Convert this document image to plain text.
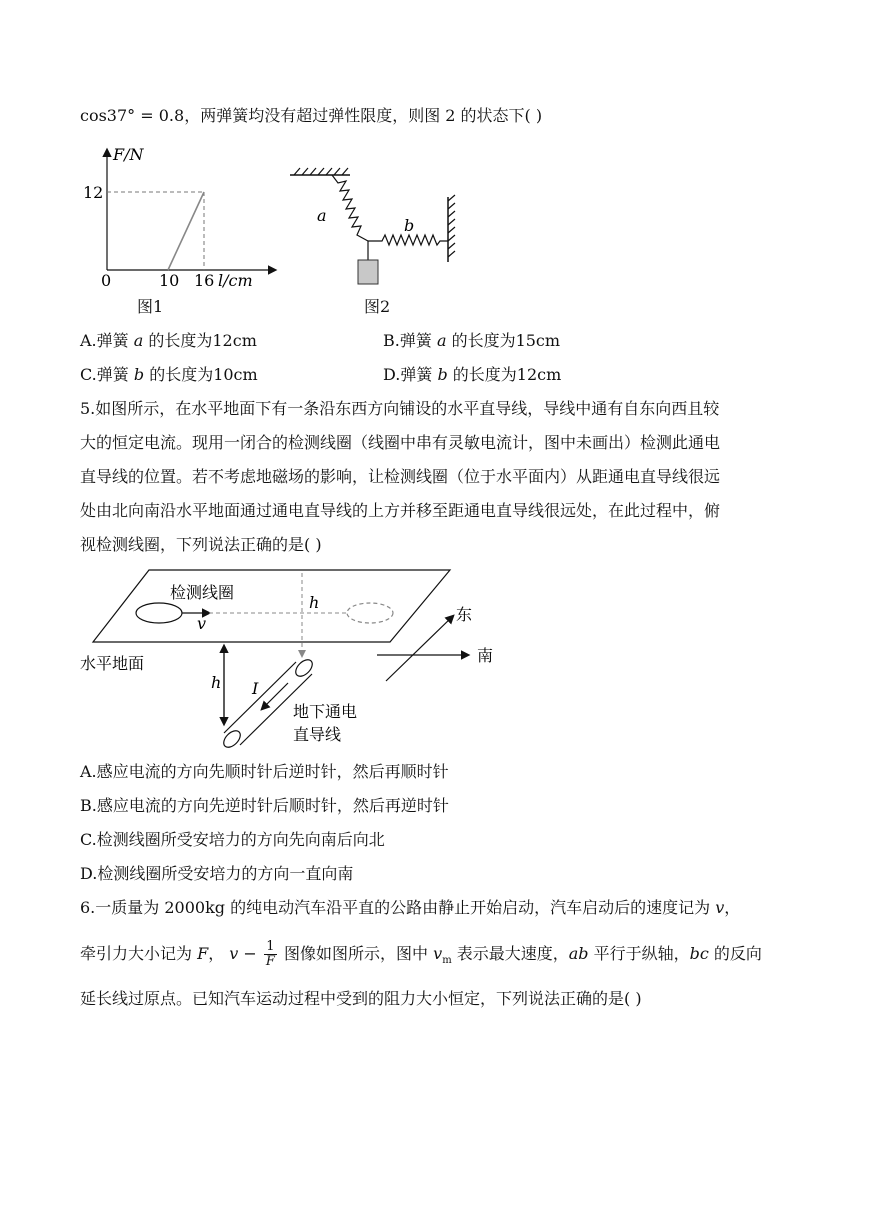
cos37° = 0.8，两弹簧均没有超过弹性限度，则图 2 的状态下( )
F/N
12
0	10 16 l/cm
图1
a
b
图2
A.弹簧 a 的长度为12cm	B.弹簧 a 的长度为15cm
C.弹簧 b 的长度为10cm	D.弹簧 b 的长度为12cm
5.如图所示，在水平地面下有一条沿东西方向铺设的水平直导线，导线中通有自东向西且较
大的恒定电流。现用一闭合的检测线圈（线圈中串有灵敏电流计，图中未画出）检测此通电
直导线的位置。若不考虑地磁场的影响，让检测线圈（位于水平面内）从距通电直导线很远
处由北向南沿水平地面通过通电直导线的上方并移至距通电直导线很远处，在此过程中，俯
视检测线圈，下列说法正确的是( )
检测线圈
v
h
水平地面
h I
地下通电
直导线
东
南
A.感应电流的方向先顺时针后逆时针，然后再顺时针
B.感应电流的方向先逆时针后顺时针，然后再逆时针
C.检测线圈所受安培力的方向先向南后向北
D.检测线圈所受安培力的方向一直向南
6.一质量为 2000kg 的纯电动汽车沿平直的公路由静止开始启动，汽车启动后的速度记为 v，
牵引力大小记为 F， $v - \frac{1}{F}$ 图像如图所示，图中 $v_m$ 表示最大速度，ab 平行于纵轴，bc 的反向
延长线过原点。已知汽车运动过程中受到的阻力大小恒定，下列说法正确的是( )
